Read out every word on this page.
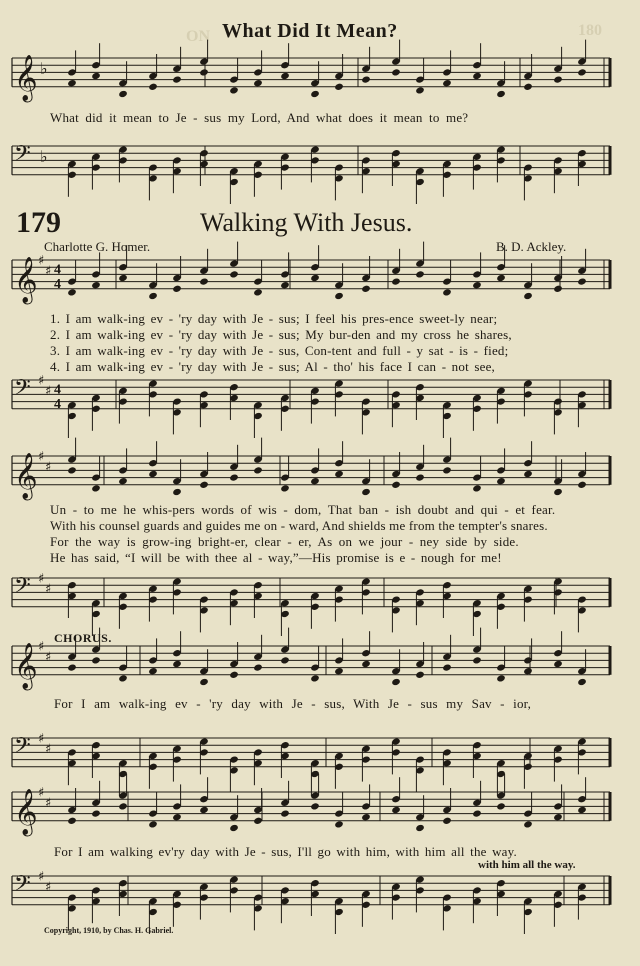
180
ON What Did It Mean?
𝄞 ♭
𝄢 ♭
𝄞 ♯
♯ 4
4
𝄢 ♯
♯ 4
4
𝄞 ♯
♯
𝄢 ♯
♯
𝄞 ♯
♯
𝄢 ♯
♯
𝄞 ♯
♯
𝄢 ♯
♯
What did it mean to Je - sus my Lord, And what does it mean to me?
179	Walking With Jesus.
Charlotte G. Homer.	B. D. Ackley.
1. I am walk-ing ev - 'ry day with Je - sus; I feel his pres-ence sweet-ly near;
2. I am walk-ing ev - 'ry day with Je - sus; My bur-den and my cross he shares,
3. I am walk-ing ev - 'ry day with Je - sus, Con-tent and full - y sat - is - fied;
4. I am walk-ing ev - 'ry day with Je - sus; Al - tho' his face I can - not see,
Un - to me he whis-pers words of wis - dom, That ban - ish doubt and qui - et fear.
With his counsel guards and guides me on - ward, And shields me from the tempter's snares.
For the way is grow-ing bright-er, clear - er, As on we jour - ney side by side.
He has said, “I will be with thee al - way,”—His promise is e - nough for me!
CHORUS.
For I am walk-ing ev - 'ry day with Je - sus, With Je - sus my Sav - ior,
For I am walking ev'ry day with Je - sus, I'll go with him, with him all the way.
with him all the way.
Copyright, 1910, by Chas. H. Gabriel.
